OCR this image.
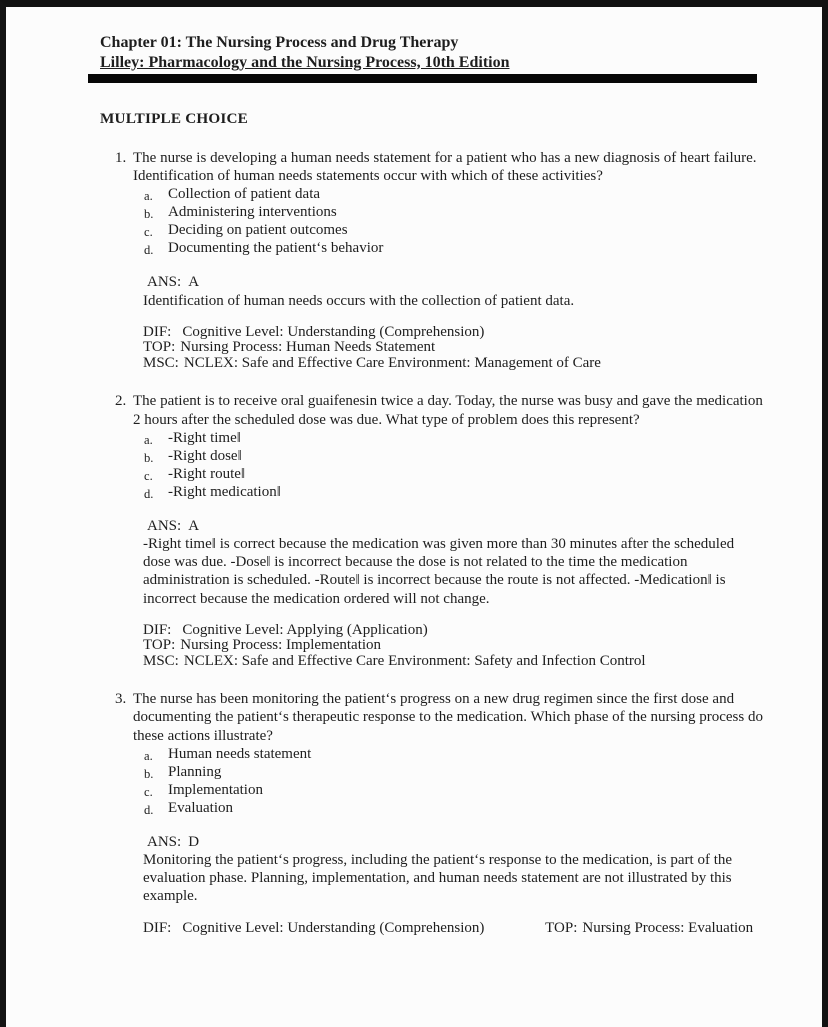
Chapter 01: The Nursing Process and Drug Therapy
Lilley: Pharmacology and the Nursing Process, 10th Edition
MULTIPLE CHOICE
1. The nurse is developing a human needs statement for a patient who has a new diagnosis of heart failure. Identification of human needs statements occur with which of these activities?
a.	Collection of patient data
b. Administering interventions
c.	Deciding on patient outcomes
d. Documenting the patient‘s behavior
ANS: A
Identification of human needs occurs with the collection of patient data.
DIF: Cognitive Level: Understanding (Comprehension)
TOP: Nursing Process: Human Needs Statement
MSC: NCLEX: Safe and Effective Care Environment: Management of Care
2. The patient is to receive oral guaifenesin twice a day. Today, the nurse was busy and gave the medication 2 hours after the scheduled dose was due. What type of problem does this represent?
a.	-Right time‖
b. -Right dose‖
c.	-Right route‖
d. -Right medication‖
ANS: A
-Right time‖ is correct because the medication was given more than 30 minutes after the scheduled dose was due. -Dose‖ is incorrect because the dose is not related to the time the medication administration is scheduled. -Route‖ is incorrect because the route is not affected. -Medication‖ is incorrect because the medication ordered will not change.
DIF: Cognitive Level: Applying (Application)
TOP: Nursing Process: Implementation
MSC: NCLEX: Safe and Effective Care Environment: Safety and Infection Control
3. The nurse has been monitoring the patient‘s progress on a new drug regimen since the first dose and documenting the patient‘s therapeutic response to the medication. Which phase of the nursing process do these actions illustrate?
a.	Human needs statement
b. Planning
c.	Implementation
d. Evaluation
ANS: D
Monitoring the patient‘s progress, including the patient‘s response to the medication, is part of the evaluation phase. Planning, implementation, and human needs statement are not illustrated by this example.
DIF: Cognitive Level: Understanding (Comprehension)	TOP: Nursing Process: Evaluation
